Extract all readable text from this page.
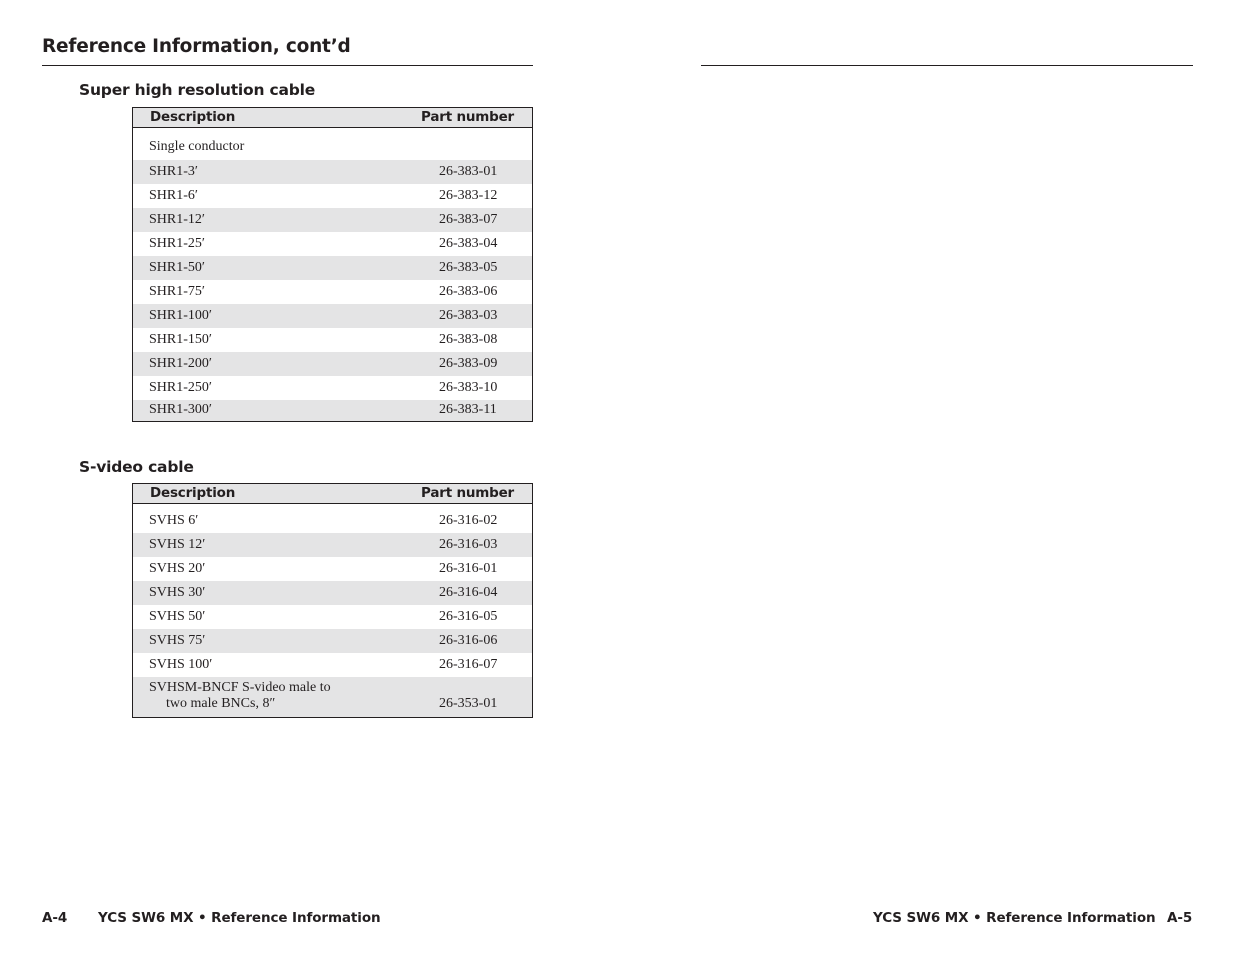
Reference Information, cont’d
Super high resolution cable
Description	Part number
Single conductor
SHR1-3′	26-383-01
SHR1-6′	26-383-12
SHR1-12′	26-383-07
SHR1-25′	26-383-04
SHR1-50′	26-383-05
SHR1-75′	26-383-06
SHR1-100′	26-383-03
SHR1-150′	26-383-08
SHR1-200′	26-383-09
SHR1-250′	26-383-10
SHR1-300′	26-383-11
S-video cable
Description	Part number
SVHS 6′	26-316-02
SVHS 12′	26-316-03
SVHS 20′	26-316-01
SVHS 30′	26-316-04
SVHS 50′	26-316-05
SVHS 75′	26-316-06
SVHS 100′	26-316-07
SVHSM-BNCF S-video male to
two male BNCs, 8″	26-353-01
A-4 YCS SW6 MX • Reference Information	YCS SW6 MX • Reference Information A-5
